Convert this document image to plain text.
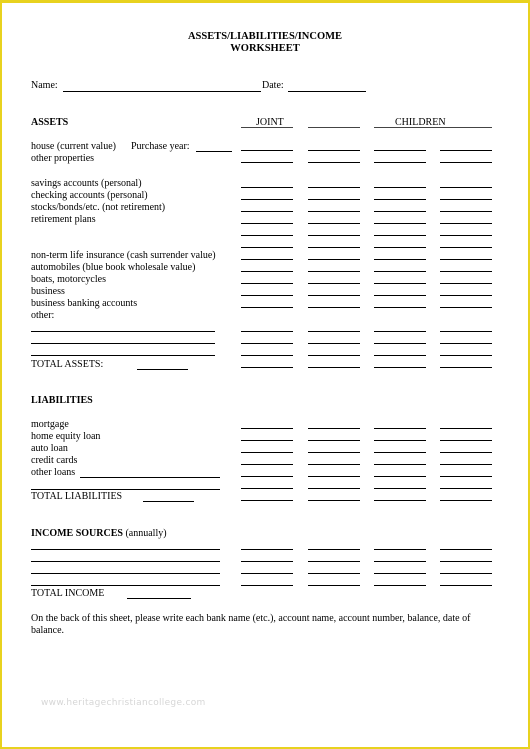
ASSETS/LIABILITIES/INCOME
WORKSHEET
Name:	Date:
ASSETS	JOINT	CHILDREN
house (current value) Purchase year:
other properties
savings accounts (personal)
checking accounts (personal)
stocks/bonds/etc. (not retirement)
retirement plans
non-term life insurance (cash surrender value)
automobiles (blue book wholesale value)
boats, motorcycles
business
business banking accounts
other:
TOTAL ASSETS:
LIABILITIES
mortgage
home equity loan
auto loan
credit cards
other loans
TOTAL LIABILITIES
INCOME SOURCES (annually)
TOTAL INCOME
On the back of this sheet, please write each bank name (etc.), account name, account number, balance, date of
balance.
www.heritagechristiancollege.com
